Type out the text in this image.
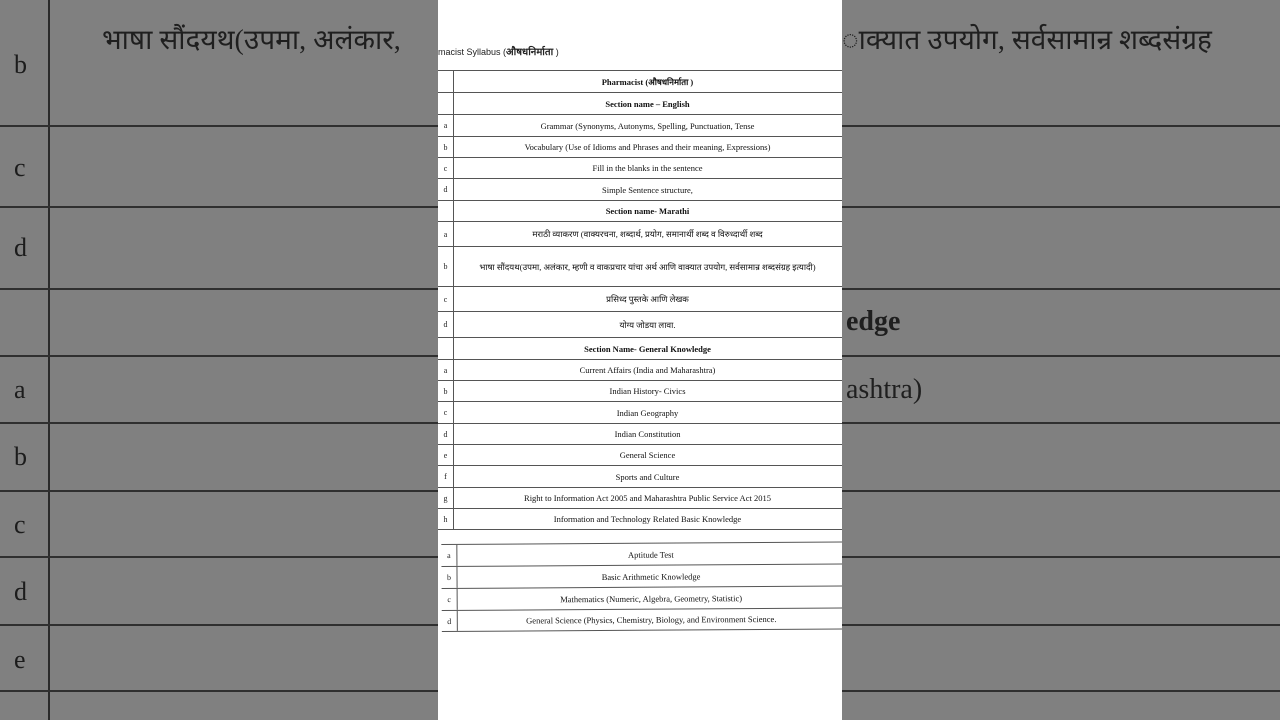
b
c
d
a
b
c
d
e
भाषा सौंदयथ(उपमा, अलंकार,	ाक्यात उपयोग, सर्वसामान्र शब्दसंग्रह
edge
ashtra)
macist Syllabus (औषधनिर्माता )
Pharmacist (औषधनिर्माता )
Section name – English
a	Grammar (Synonyms, Autonyms, Spelling, Punctuation, Tense
b	Vocabulary (Use of Idioms and Phrases and their meaning, Expressions)
c	Fill in the blanks in the sentence
d	Simple Sentence structure,
Section name- Marathi
a	मराठी व्याकरण (वाक्यरचना, शब्दार्थ, प्रयोग, समानार्थी शब्द व विरुध्दार्थी शब्द
b	भाषा सौंदयथ(उपमा, अलंकार, म्हणी व वाकप्रचार यांचा अर्थ आणि वाक्यात उपयोग, सर्वसामान्र शब्दसंग्रह इत्यादी)
c	प्रसिध्द पुस्तके आणि लेखक
d	योग्य जोडया लावा.
Section Name- General Knowledge
a	Current Affairs (India and Maharashtra)
b	Indian History- Civics
c	Indian Geography
d	Indian Constitution
e	General Science
f	Sports and Culture
g	Right to Information Act 2005 and Maharashtra Public Service Act 2015
h	Information and Technology Related Basic Knowledge
a	Aptitude Test
b	Basic Arithmetic Knowledge
c	Mathematics (Numeric, Algebra, Geometry, Statistic)
d	General Science (Physics, Chemistry, Biology, and Environment Science.
